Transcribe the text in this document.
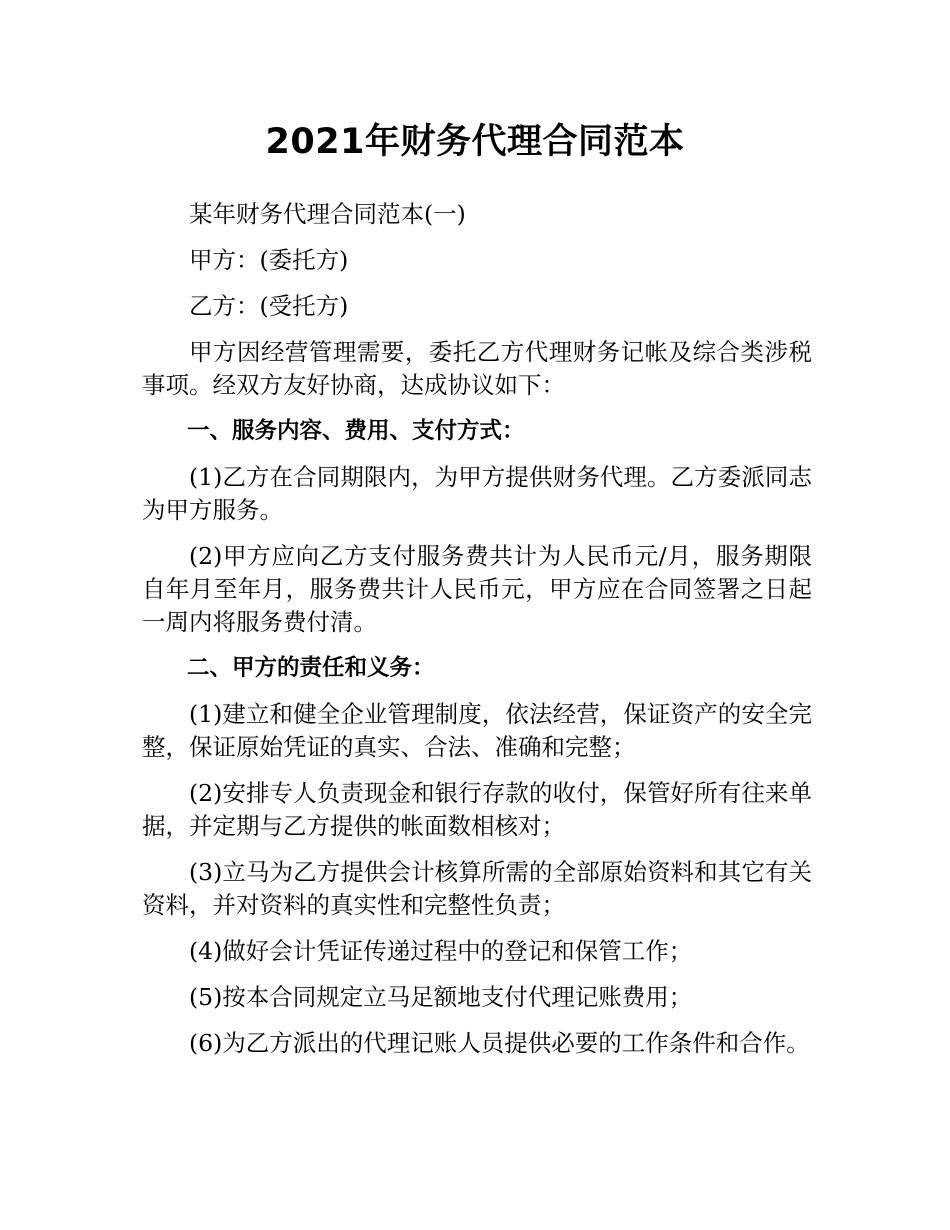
2021年财务代理合同范本

某年财务代理合同范本(一)

甲方：(委托方)

乙方：(受托方)

甲方因经营管理需要，委托乙方代理财务记帐及综合类涉税事项。经双方友好协商，达成协议如下：

一、服务内容、费用、支付方式：

(1)乙方在合同期限内，为甲方提供财务代理。乙方委派同志为甲方服务。

(2)甲方应向乙方支付服务费共计为人民币元/月，服务期限自年月至年月，服务费共计人民币元，甲方应在合同签署之日起一周内将服务费付清。

二、甲方的责任和义务：

(1)建立和健全企业管理制度，依法经营，保证资产的安全完整，保证原始凭证的真实、合法、准确和完整；

(2)安排专人负责现金和银行存款的收付，保管好所有往来单据，并定期与乙方提供的帐面数相核对；

(3)立马为乙方提供会计核算所需的全部原始资料和其它有关资料，并对资料的真实性和完整性负责；

(4)做好会计凭证传递过程中的登记和保管工作；

(5)按本合同规定立马足额地支付代理记账费用；

(6)为乙方派出的代理记账人员提供必要的工作条件和合作。
